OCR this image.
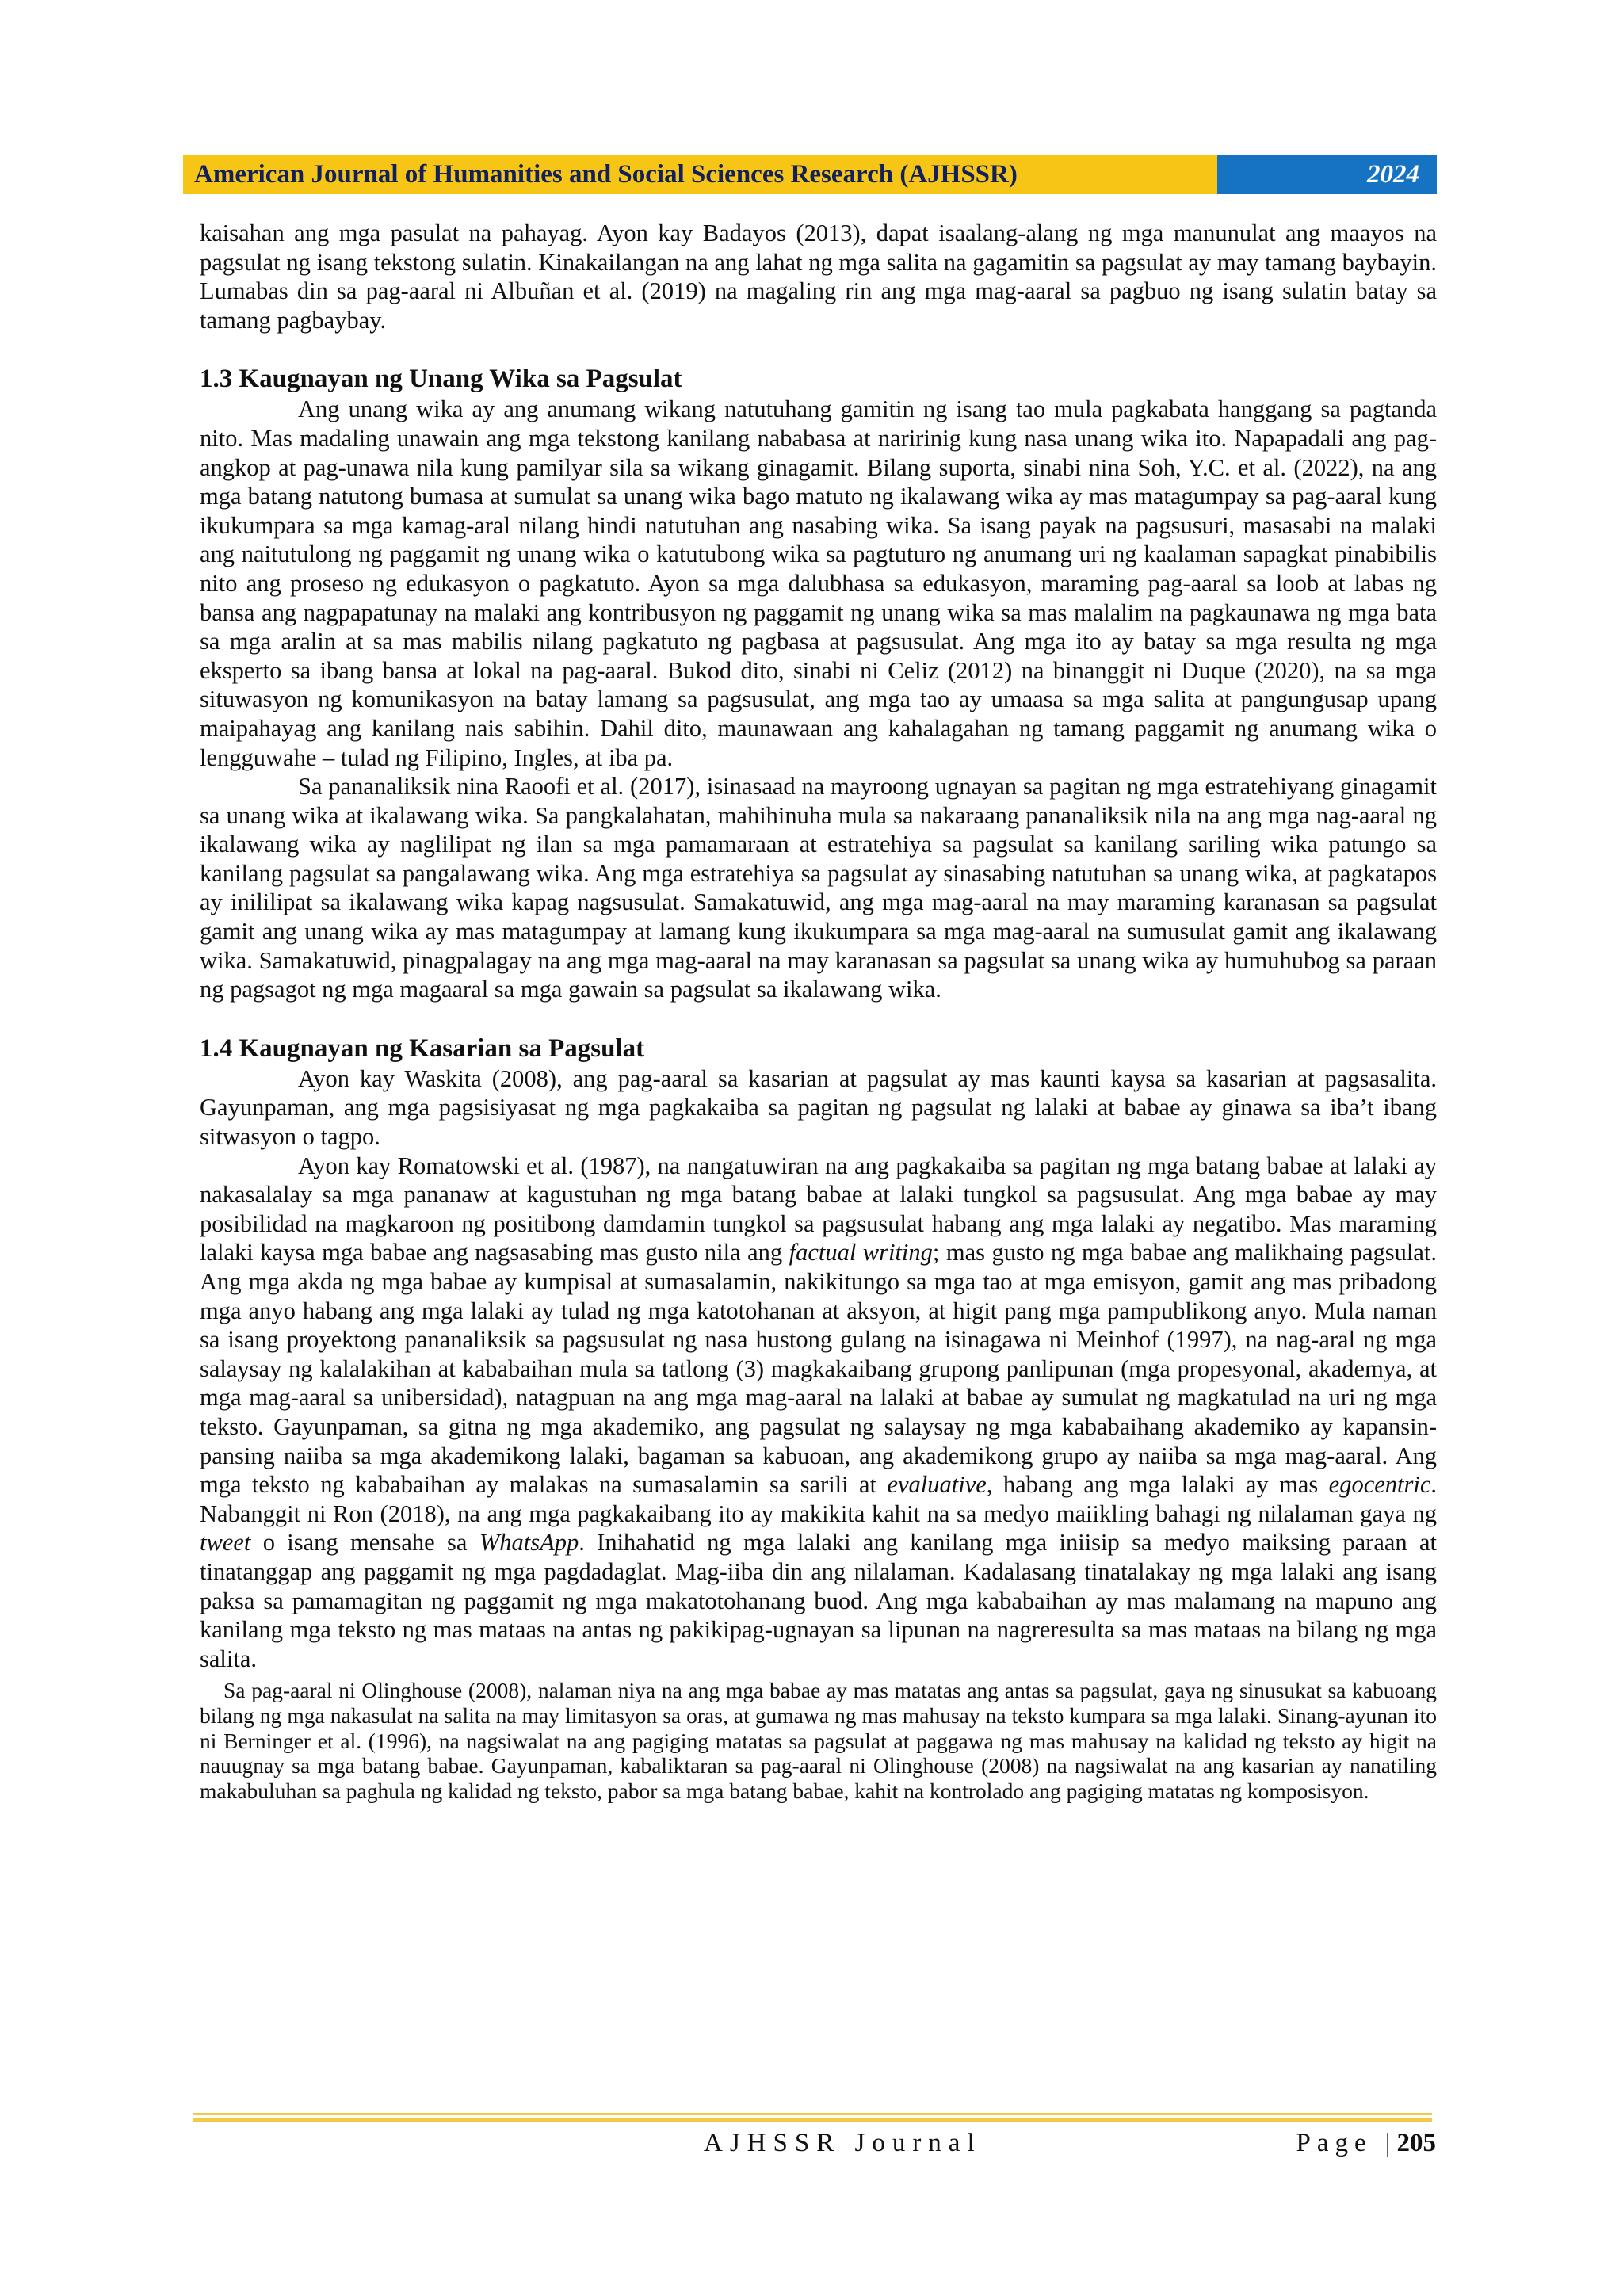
American Journal of Humanities and Social Sciences Research (AJHSSR)	2024

kaisahan ang mga pasulat na pahayag. Ayon kay Badayos (2013), dapat isaalang-alang ng mga manunulat ang maayos na pagsulat ng isang tekstong sulatin. Kinakailangan na ang lahat ng mga salita na gagamitin sa pagsulat ay may tamang baybayin. Lumabas din sa pag-aaral ni Albuñan et al. (2019) na magaling rin ang mga mag-aaral sa pagbuo ng isang sulatin batay sa tamang pagbaybay.

1.3 Kaugnayan ng Unang Wika sa Pagsulat

Ang unang wika ay ang anumang wikang natutuhang gamitin ng isang tao mula pagkabata hanggang sa pagtanda nito. Mas madaling unawain ang mga tekstong kanilang nababasa at naririnig kung nasa unang wika ito. Napapadali ang pag-angkop at pag-unawa nila kung pamilyar sila sa wikang ginagamit. Bilang suporta, sinabi nina Soh, Y.C. et al. (2022), na ang mga batang natutong bumasa at sumulat sa unang wika bago matuto ng ikalawang wika ay mas matagumpay sa pag-aaral kung ikukumpara sa mga kamag-aral nilang hindi natutuhan ang nasabing wika. Sa isang payak na pagsusuri, masasabi na malaki ang naitutulong ng paggamit ng unang wika o katutubong wika sa pagtuturo ng anumang uri ng kaalaman sapagkat pinabibilis nito ang proseso ng edukasyon o pagkatuto. Ayon sa mga dalubhasa sa edukasyon, maraming pag-aaral sa loob at labas ng bansa ang nagpapatunay na malaki ang kontribusyon ng paggamit ng unang wika sa mas malalim na pagkaunawa ng mga bata sa mga aralin at sa mas mabilis nilang pagkatuto ng pagbasa at pagsusulat. Ang mga ito ay batay sa mga resulta ng mga eksperto sa ibang bansa at lokal na pag-aaral. Bukod dito, sinabi ni Celiz (2012) na binanggit ni Duque (2020), na sa mga situwasyon ng komunikasyon na batay lamang sa pagsusulat, ang mga tao ay umaasa sa mga salita at pangungusap upang maipahayag ang kanilang nais sabihin. Dahil dito, maunawaan ang kahalagahan ng tamang paggamit ng anumang wika o lengguwahe – tulad ng Filipino, Ingles, at iba pa.

Sa pananaliksik nina Raoofi et al. (2017), isinasaad na mayroong ugnayan sa pagitan ng mga estratehiyang ginagamit sa unang wika at ikalawang wika. Sa pangkalahatan, mahihinuha mula sa nakaraang pananaliksik nila na ang mga nag-aaral ng ikalawang wika ay naglilipat ng ilan sa mga pamamaraan at estratehiya sa pagsulat sa kanilang sariling wika patungo sa kanilang pagsulat sa pangalawang wika. Ang mga estratehiya sa pagsulat ay sinasabing natutuhan sa unang wika, at pagkatapos ay inililipat sa ikalawang wika kapag nagsusulat. Samakatuwid, ang mga mag-aaral na may maraming karanasan sa pagsulat gamit ang unang wika ay mas matagumpay at lamang kung ikukumpara sa mga mag-aaral na sumusulat gamit ang ikalawang wika. Samakatuwid, pinagpalagay na ang mga mag-aaral na may karanasan sa pagsulat sa unang wika ay humuhubog sa paraan ng pagsagot ng mga magaaral sa mga gawain sa pagsulat sa ikalawang wika.

1.4 Kaugnayan ng Kasarian sa Pagsulat

Ayon kay Waskita (2008), ang pag-aaral sa kasarian at pagsulat ay mas kaunti kaysa sa kasarian at pagsasalita. Gayunpaman, ang mga pagsisiyasat ng mga pagkakaiba sa pagitan ng pagsulat ng lalaki at babae ay ginawa sa iba’t ibang sitwasyon o tagpo.

Ayon kay Romatowski et al. (1987), na nangatuwiran na ang pagkakaiba sa pagitan ng mga batang babae at lalaki ay nakasalalay sa mga pananaw at kagustuhan ng mga batang babae at lalaki tungkol sa pagsusulat. Ang mga babae ay may posibilidad na magkaroon ng positibong damdamin tungkol sa pagsusulat habang ang mga lalaki ay negatibo. Mas maraming lalaki kaysa mga babae ang nagsasabing mas gusto nila ang factual writing; mas gusto ng mga babae ang malikhaing pagsulat. Ang mga akda ng mga babae ay kumpisal at sumasalamin, nakikitungo sa mga tao at mga emisyon, gamit ang mas pribadong mga anyo habang ang mga lalaki ay tulad ng mga katotohanan at aksyon, at higit pang mga pampublikong anyo. Mula naman sa isang proyektong pananaliksik sa pagsusulat ng nasa hustong gulang na isinagawa ni Meinhof (1997), na nag-aral ng mga salaysay ng kalalakihan at kababaihan mula sa tatlong (3) magkakaibang grupong panlipunan (mga propesyonal, akademya, at mga mag-aaral sa unibersidad), natagpuan na ang mga mag-aaral na lalaki at babae ay sumulat ng magkatulad na uri ng mga teksto. Gayunpaman, sa gitna ng mga akademiko, ang pagsulat ng salaysay ng mga kababaihang akademiko ay kapansin-pansing naiiba sa mga akademikong lalaki, bagaman sa kabuoan, ang akademikong grupo ay naiiba sa mga mag-aaral. Ang mga teksto ng kababaihan ay malakas na sumasalamin sa sarili at evaluative, habang ang mga lalaki ay mas egocentric. Nabanggit ni Ron (2018), na ang mga pagkakaibang ito ay makikita kahit na sa medyo maiikling bahagi ng nilalaman gaya ng tweet o isang mensahe sa WhatsApp. Inihahatid ng mga lalaki ang kanilang mga iniisip sa medyo maiksing paraan at tinatanggap ang paggamit ng mga pagdadaglat. Mag-iiba din ang nilalaman. Kadalasang tinatalakay ng mga lalaki ang isang paksa sa pamamagitan ng paggamit ng mga makatotohanang buod. Ang mga kababaihan ay mas malamang na mapuno ang kanilang mga teksto ng mas mataas na antas ng pakikipag-ugnayan sa lipunan na nagreresulta sa mas mataas na bilang ng mga salita.

Sa pag-aaral ni Olinghouse (2008), nalaman niya na ang mga babae ay mas matatas ang antas sa pagsulat, gaya ng sinusukat sa kabuoang bilang ng mga nakasulat na salita na may limitasyon sa oras, at gumawa ng mas mahusay na teksto kumpara sa mga lalaki. Sinang-ayunan ito ni Berninger et al. (1996), na nagsiwalat na ang pagiging matatas sa pagsulat at paggawa ng mas mahusay na kalidad ng teksto ay higit na nauugnay sa mga batang babae. Gayunpaman, kabaliktaran sa pag-aaral ni Olinghouse (2008) na nagsiwalat na ang kasarian ay nanatiling makabuluhan sa paghula ng kalidad ng teksto, pabor sa mga batang babae, kahit na kontrolado ang pagiging matatas ng komposisyon.

AJHSSR Journal	Page |205
